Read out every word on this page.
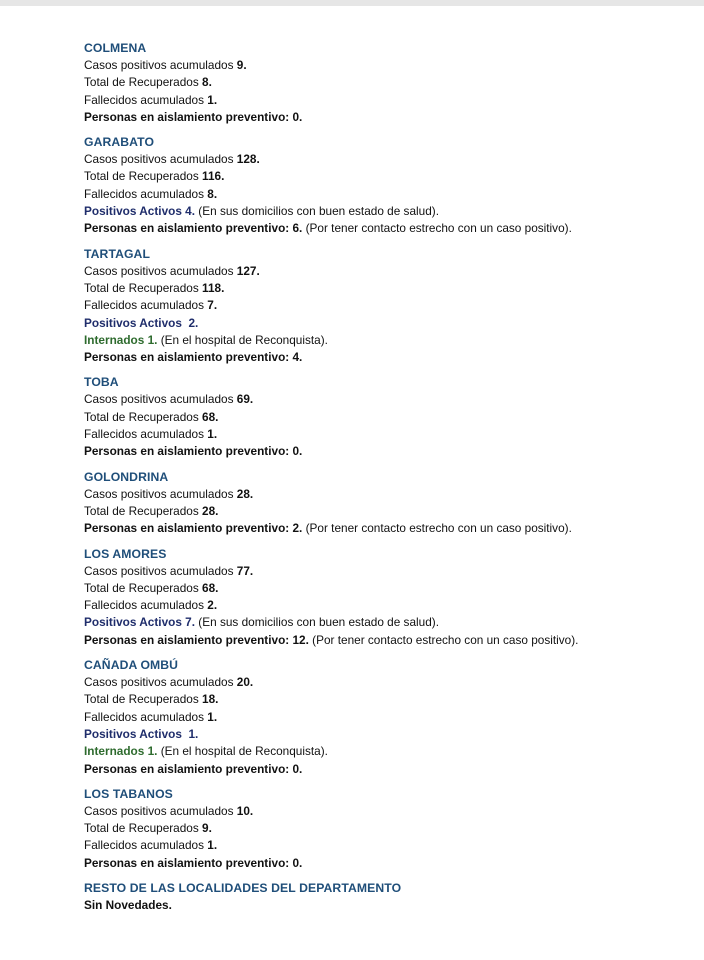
COLMENA
Casos positivos acumulados 9.
Total de Recuperados 8.
Fallecidos acumulados 1.
Personas en aislamiento preventivo: 0.
GARABATO
Casos positivos acumulados 128.
Total de Recuperados 116.
Fallecidos acumulados 8.
Positivos Activos 4. (En sus domicilios con buen estado de salud).
Personas en aislamiento preventivo: 6. (Por tener contacto estrecho con un caso positivo).
TARTAGAL
Casos positivos acumulados 127.
Total de Recuperados 118.
Fallecidos acumulados 7.
Positivos Activos  2.
Internados 1. (En el hospital de Reconquista).
Personas en aislamiento preventivo: 4.
TOBA
Casos positivos acumulados 69.
Total de Recuperados 68.
Fallecidos acumulados 1.
Personas en aislamiento preventivo: 0.
GOLONDRINA
Casos positivos acumulados 28.
Total de Recuperados 28.
Personas en aislamiento preventivo: 2. (Por tener contacto estrecho con un caso positivo).
LOS AMORES
Casos positivos acumulados 77.
Total de Recuperados 68.
Fallecidos acumulados 2.
Positivos Activos 7. (En sus domicilios con buen estado de salud).
Personas en aislamiento preventivo: 12. (Por tener contacto estrecho con un caso positivo).
CAÑADA OMBÚ
Casos positivos acumulados 20.
Total de Recuperados 18.
Fallecidos acumulados 1.
Positivos Activos  1.
Internados 1. (En el hospital de Reconquista).
Personas en aislamiento preventivo: 0.
LOS TABANOS
Casos positivos acumulados 10.
Total de Recuperados 9.
Fallecidos acumulados 1.
Personas en aislamiento preventivo: 0.
RESTO DE LAS LOCALIDADES DEL DEPARTAMENTO
Sin Novedades.
